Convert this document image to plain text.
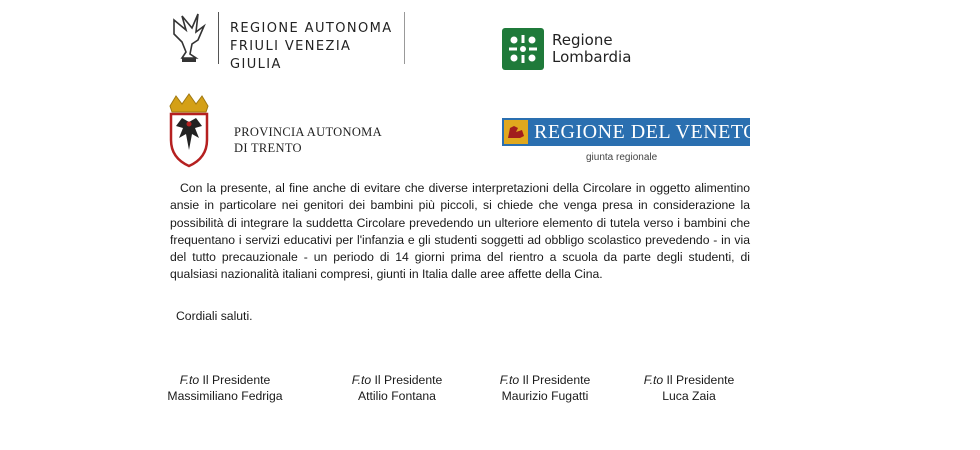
REGIONE AUTONOMA
FRIULI VENEZIA GIULIA
Regione
Lombardia
PROVINCIA AUTONOMA
DI TRENTO
REGIONE DEL VENETO
giunta regionale

Con la presente, al fine anche di evitare che diverse interpretazioni della Circolare in oggetto alimentino ansie in particolare nei genitori dei bambini più piccoli, si chiede che venga presa in considerazione la possibilità di integrare la suddetta Circolare prevedendo un ulteriore elemento di tutela verso i bambini che frequentano i servizi educativi per l'infanzia e gli studenti soggetti ad obbligo scolastico prevedendo - in via del tutto precauzionale - un periodo di 14 giorni prima del rientro a scuola da parte degli studenti, di qualsiasi nazionalità italiani compresi, giunti in Italia dalle aree affette della Cina.

Cordiali saluti.
F.to Il Presidente
Massimiliano Fedriga
F.to Il Presidente
Attilio Fontana
F.to Il Presidente
Maurizio Fugatti
F.to Il Presidente
Luca Zaia
